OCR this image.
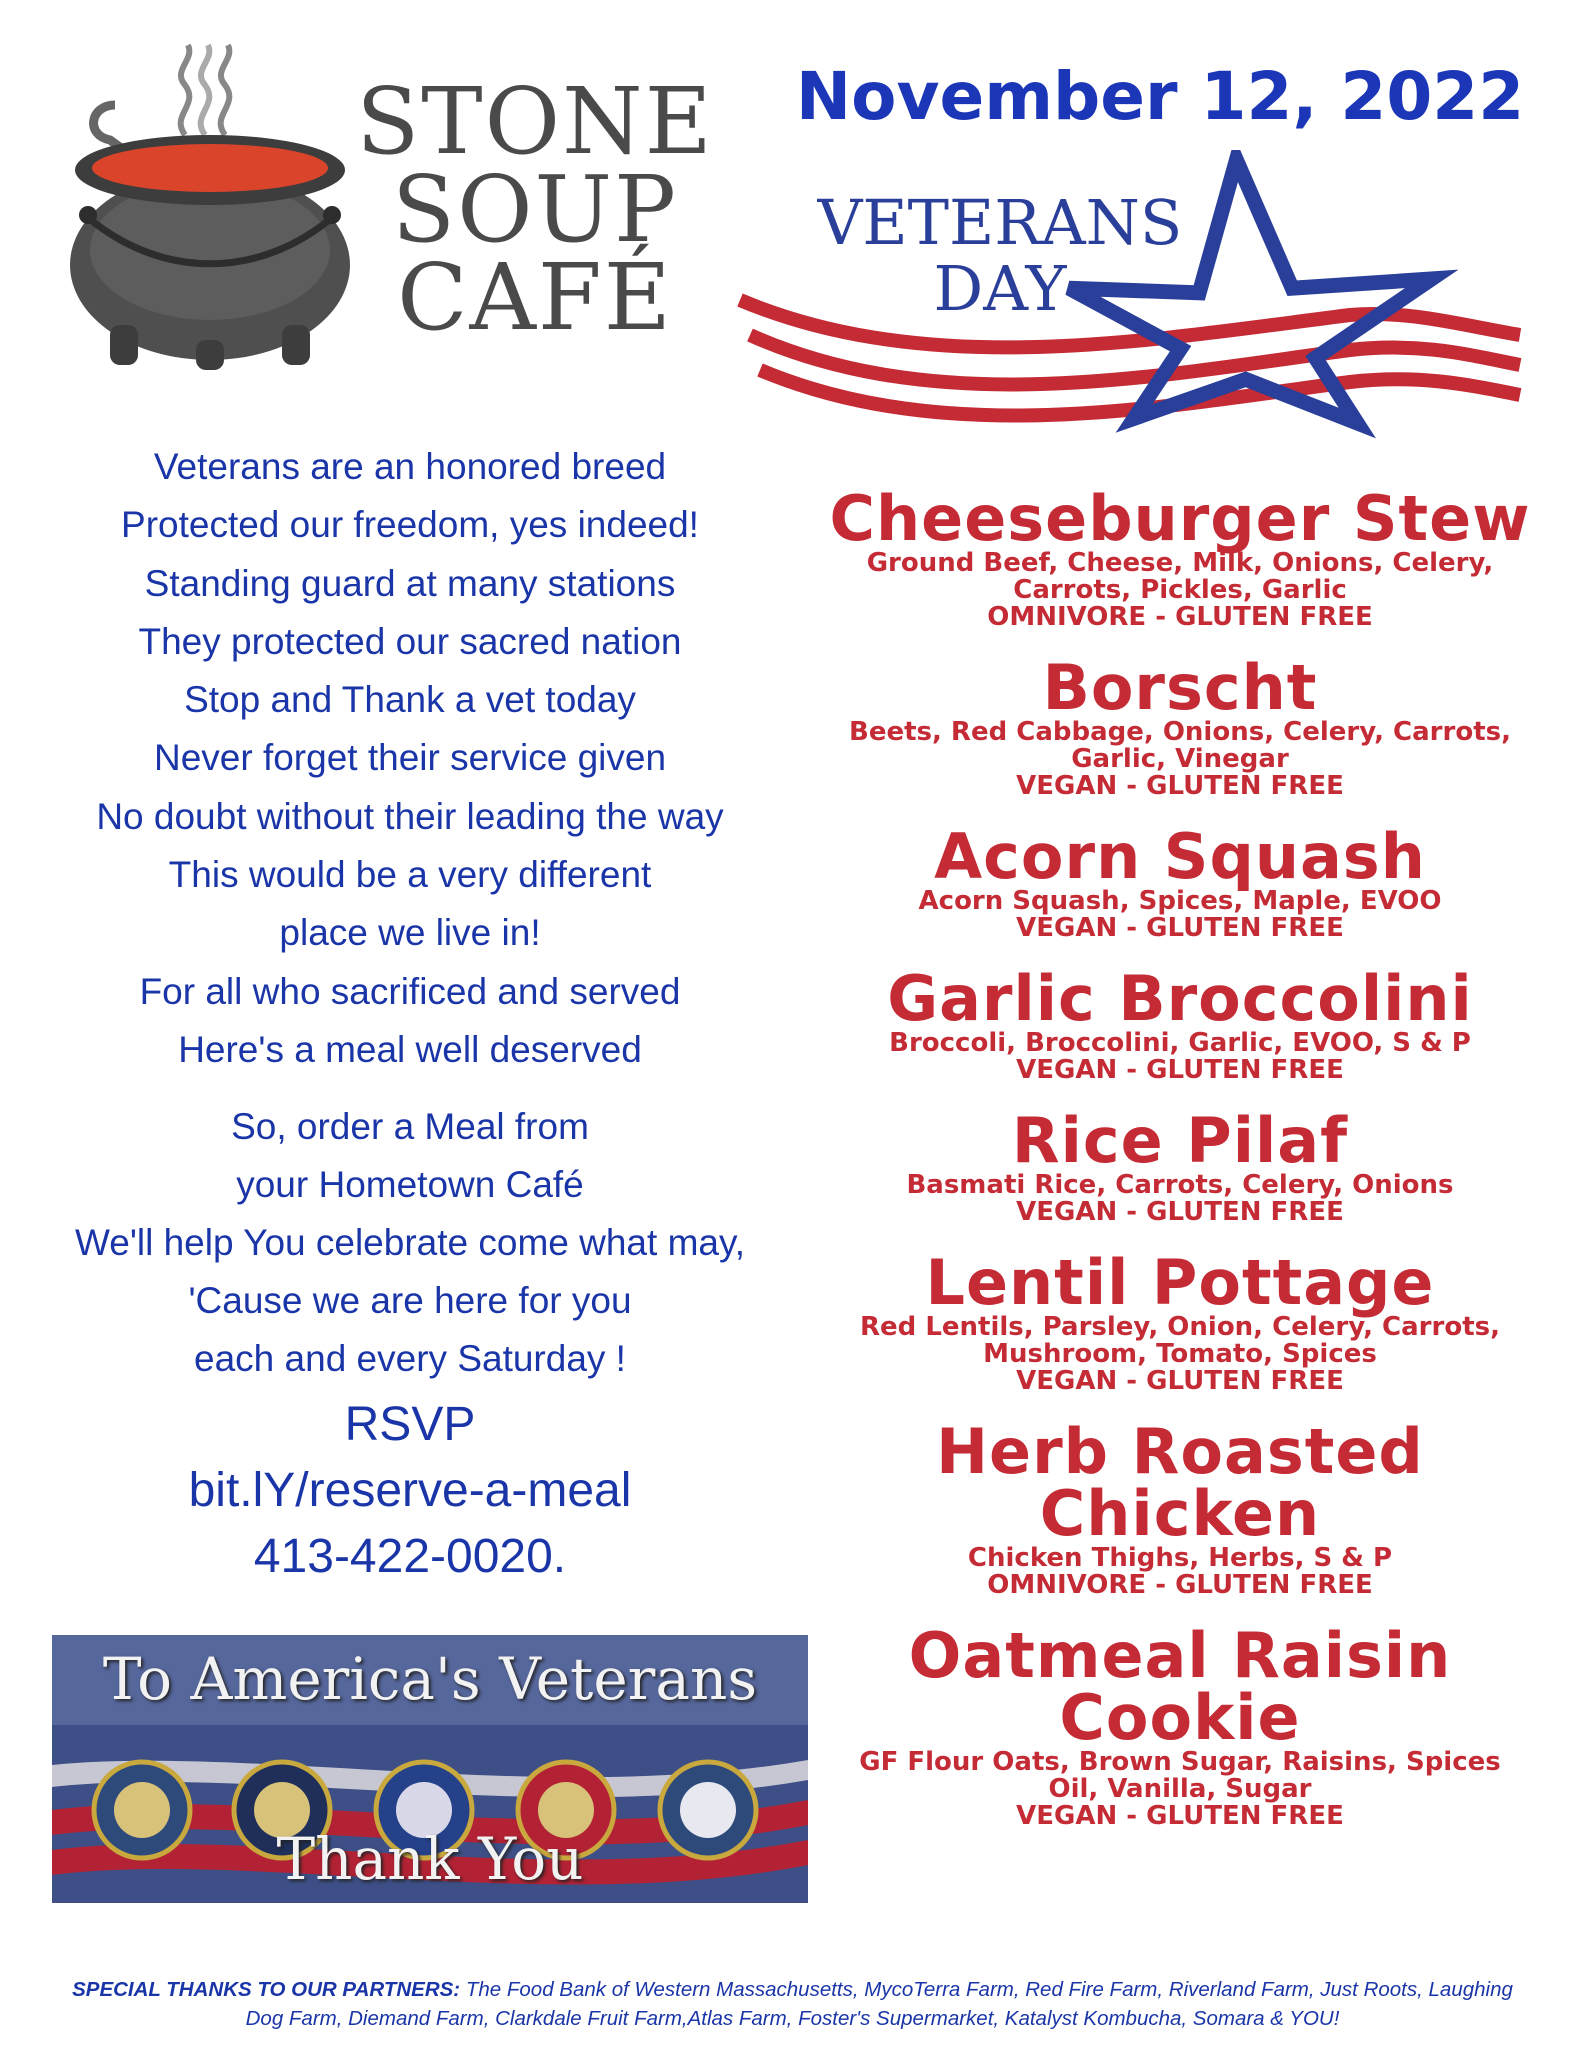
STONE
SOUP
CAFÉ
November 12, 2022
VETERANS
DAY
Veterans are an honored breed
Protected our freedom, yes indeed!
Standing guard at many stations
They protected our sacred nation
Stop and Thank a vet today
Never forget their service given
No doubt without their leading the way
This would be a very different
place we live in!
For all who sacrificed and served
Here's a meal well deserved
So, order a Meal from
your Hometown Café
We'll help You celebrate come what may,
'Cause we are here for you
each and every Saturday !
RSVP
bit.lY/reserve-a-meal
413-422-0020.
To America's Veterans
Thank You
Cheeseburger Stew
Ground Beef, Cheese, Milk, Onions, Celery,
Carrots, Pickles, Garlic
OMNIVORE - GLUTEN FREE
Borscht
Beets, Red Cabbage, Onions, Celery, Carrots,
Garlic, Vinegar
VEGAN - GLUTEN FREE
Acorn Squash
Acorn Squash, Spices, Maple, EVOO
VEGAN - GLUTEN FREE
Garlic Broccolini
Broccoli, Broccolini, Garlic, EVOO, S & P
VEGAN - GLUTEN FREE
Rice Pilaf
Basmati Rice, Carrots, Celery, Onions
VEGAN - GLUTEN FREE
Lentil Pottage
Red Lentils, Parsley, Onion, Celery, Carrots,
Mushroom, Tomato, Spices
VEGAN - GLUTEN FREE
Herb Roasted
Chicken
Chicken Thighs, Herbs, S & P
OMNIVORE - GLUTEN FREE
Oatmeal Raisin
Cookie
GF Flour Oats, Brown Sugar, Raisins, Spices
Oil, Vanilla, Sugar
VEGAN - GLUTEN FREE
SPECIAL THANKS TO OUR PARTNERS: The Food Bank of Western Massachusetts, MycoTerra Farm, Red Fire Farm, Riverland Farm, Just Roots, Laughing Dog Farm, Diemand Farm, Clarkdale Fruit Farm,Atlas Farm, Foster's Supermarket, Katalyst Kombucha, Somara & YOU!
